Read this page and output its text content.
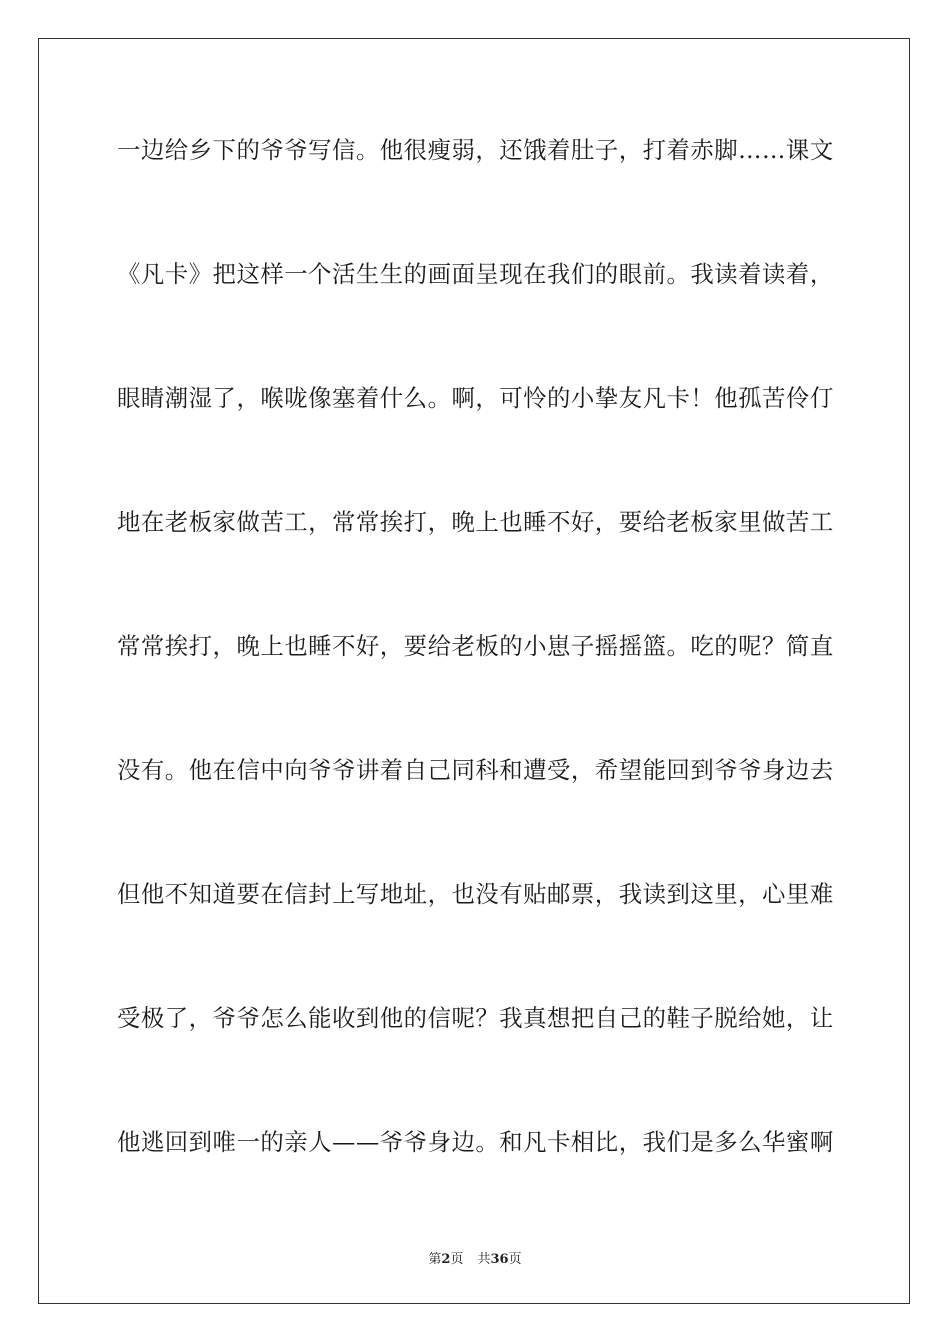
一边给乡下的爷爷写信。他很瘦弱，还饿着肚子，打着赤脚……课文
《凡卡》把这样一个活生生的画面呈现在我们的眼前。我读着读着，
眼睛潮湿了，喉咙像塞着什么。啊，可怜的小挚友凡卡！他孤苦伶仃
地在老板家做苦工，常常挨打，晚上也睡不好，要给老板家里做苦工
常常挨打，晚上也睡不好，要给老板的小崽子摇摇篮。吃的呢？简直
没有。他在信中向爷爷讲着自己同科和遭受，希望能回到爷爷身边去
但他不知道要在信封上写地址，也没有贴邮票，我读到这里，心里难
受极了，爷爷怎么能收到他的信呢？我真想把自己的鞋子脱给她，让
他逃回到唯一的亲人——爷爷身边。和凡卡相比，我们是多么华蜜啊
第2页 共36页
